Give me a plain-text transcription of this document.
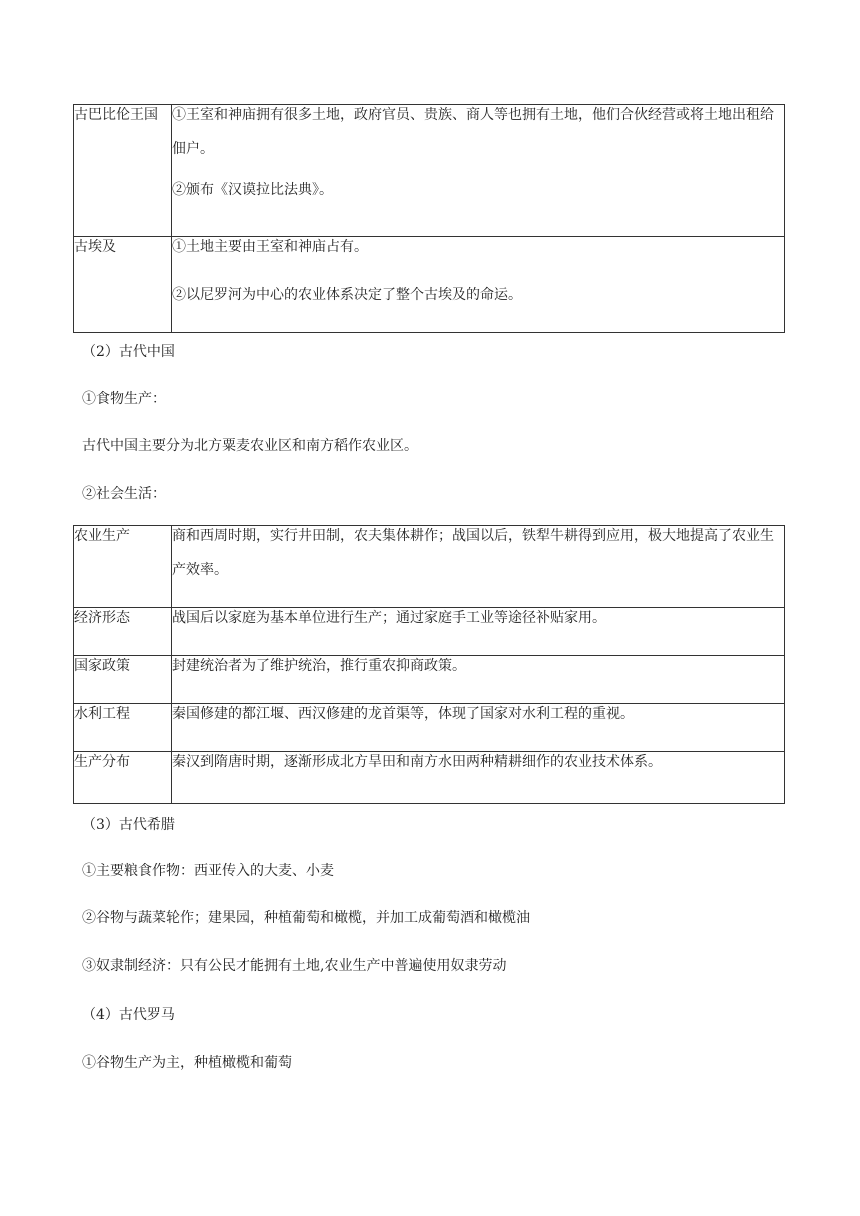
古巴比伦王国	①王室和神庙拥有很多土地，政府官员、贵族、商人等也拥有土地，他们合伙经营或将土地出租给佃户。

②颁布《汉谟拉比法典》。

古埃及	①土地主要由王室和神庙占有。

②以尼罗河为中心的农业体系决定了整个古埃及的命运。

（2）古代中国

①食物生产：

古代中国主要分为北方粟麦农业区和南方稻作农业区。

②社会生活：

农业生产	商和西周时期，实行井田制，农夫集体耕作；战国以后，铁犁牛耕得到应用，极大地提高了农业生产效率。

经济形态	战国后以家庭为基本单位进行生产；通过家庭手工业等途径补贴家用。

国家政策	封建统治者为了维护统治，推行重农抑商政策。

水利工程	秦国修建的都江堰、西汉修建的龙首渠等，体现了国家对水利工程的重视。

生产分布	秦汉到隋唐时期，逐渐形成北方旱田和南方水田两种精耕细作的农业技术体系。

（3）古代希腊

①主要粮食作物：西亚传入的大麦、小麦

②谷物与蔬菜轮作；建果园，种植葡萄和橄榄，并加工成葡萄酒和橄榄油

③奴隶制经济：只有公民才能拥有土地,农业生产中普遍使用奴隶劳动

（4）古代罗马

①谷物生产为主，种植橄榄和葡萄
